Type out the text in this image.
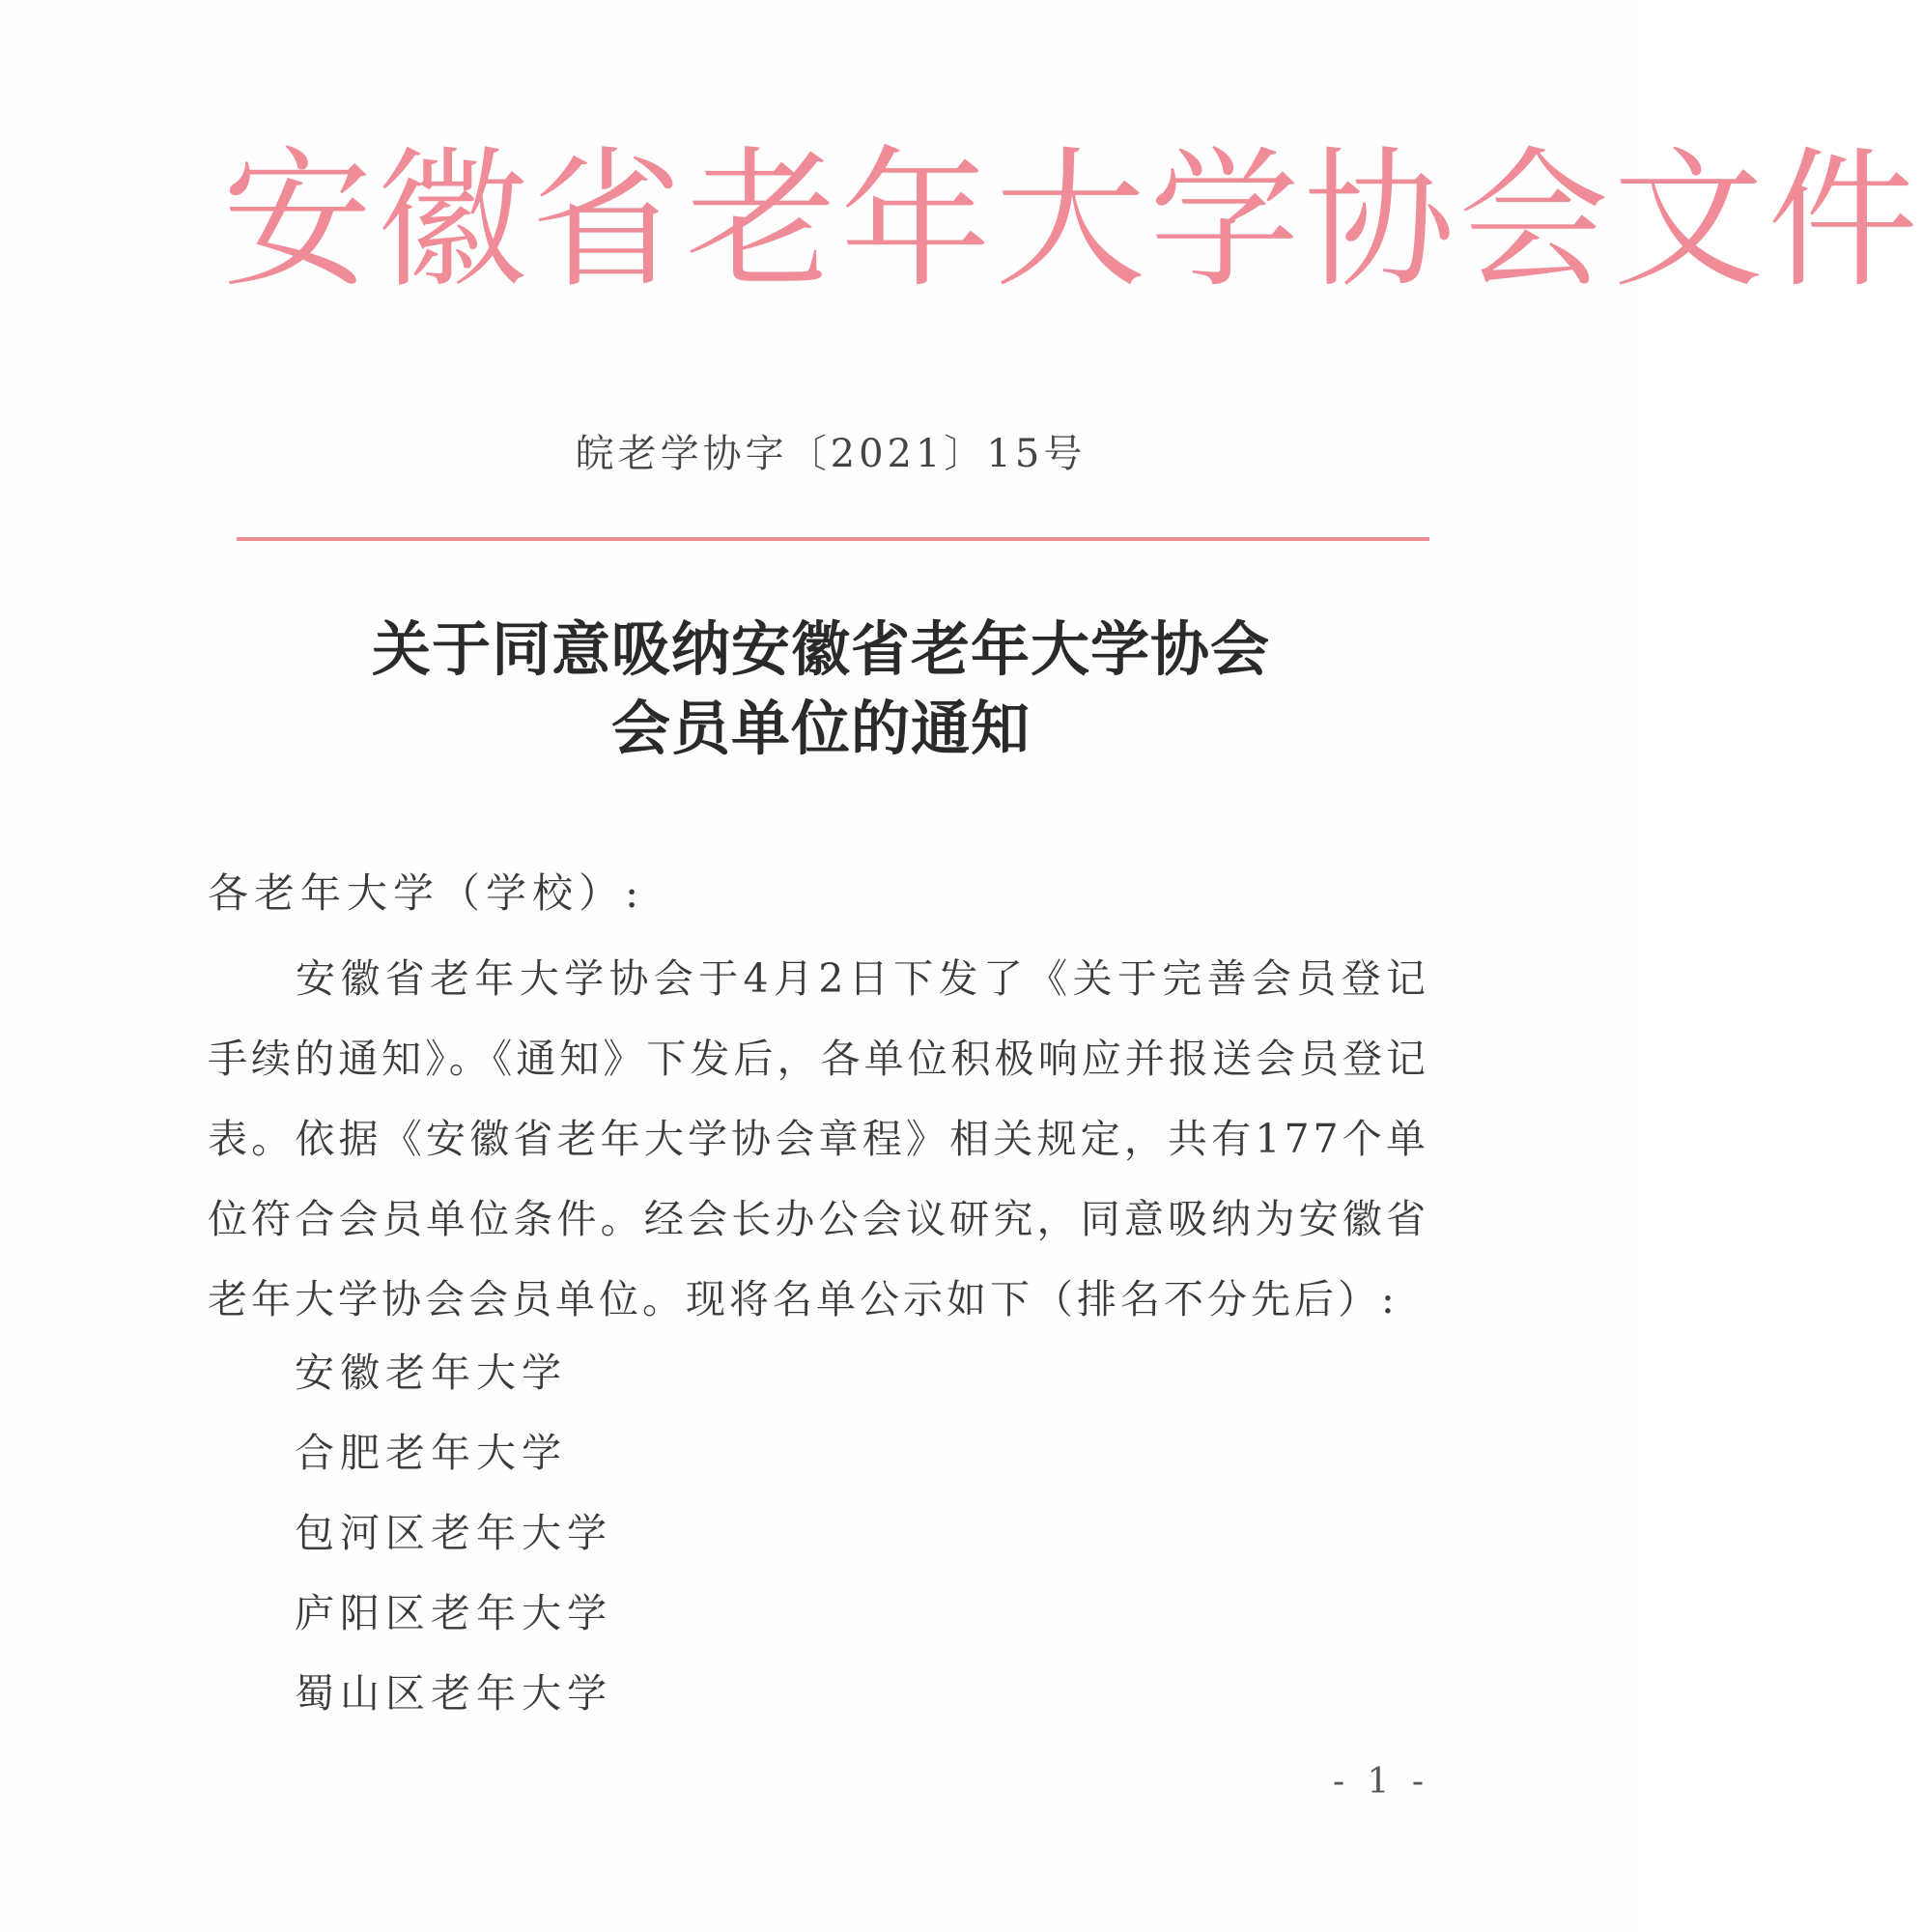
安徽省老年大学协会文件
皖老学协字〔2021〕15号
关于同意吸纳安徽省老年大学协会
会员单位的通知
各老年大学（学校）:
安徽省老年大学协会于4月2日下发了《关于完善会员登记手续的通知》。《通知》下发后，各单位积极响应并报送会员登记表。依据《安徽省老年大学协会章程》相关规定，共有177个单位符合会员单位条件。经会长办公会议研究，同意吸纳为安徽省老年大学协会会员单位。现将名单公示如下（排名不分先后）:
安徽老年大学
合肥老年大学
包河区老年大学
庐阳区老年大学
蜀山区老年大学
- 1 -
